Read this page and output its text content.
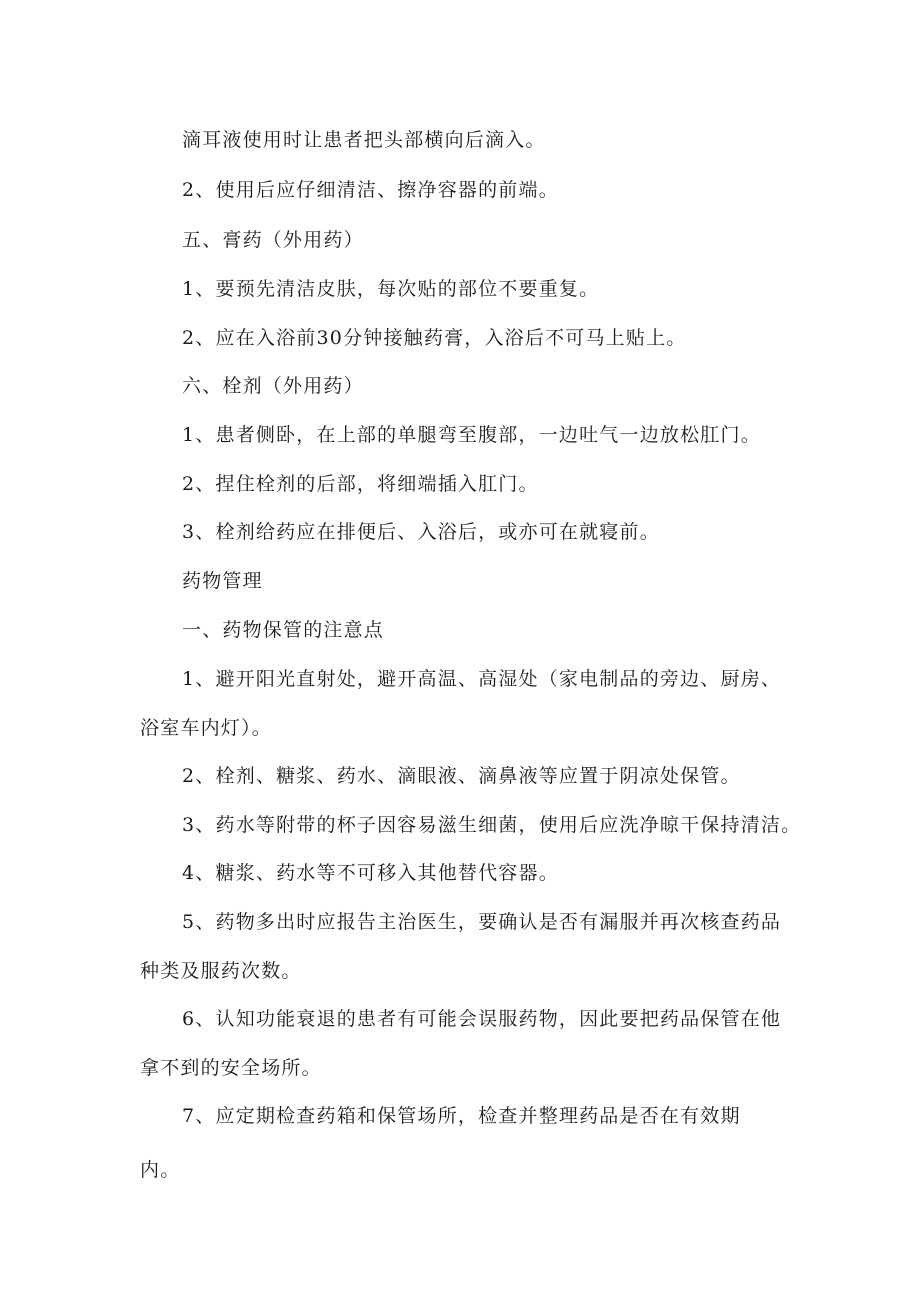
滴耳液使用时让患者把头部横向后滴入。
2、使用后应仔细清洁、擦净容器的前端。
五、膏药（外用药）
1、要预先清洁皮肤，每次贴的部位不要重复。
2、应在入浴前30分钟接触药膏，入浴后不可马上贴上。
六、栓剂（外用药）
1、患者侧卧，在上部的单腿弯至腹部，一边吐气一边放松肛门。
2、捏住栓剂的后部，将细端插入肛门。
3、栓剂给药应在排便后、入浴后，或亦可在就寝前。
药物管理
一、药物保管的注意点
1、避开阳光直射处，避开高温、高湿处（家电制品的旁边、厨房、
浴室车内灯）。
2、栓剂、糖浆、药水、滴眼液、滴鼻液等应置于阴凉处保管。
3、药水等附带的杯子因容易滋生细菌，使用后应洗净晾干保持清洁。
4、糖浆、药水等不可移入其他替代容器。
5、药物多出时应报告主治医生，要确认是否有漏服并再次核查药品
种类及服药次数。
6、认知功能衰退的患者有可能会误服药物，因此要把药品保管在他
拿不到的安全场所。
7、应定期检查药箱和保管场所，检查并整理药品是否在有效期
内。
